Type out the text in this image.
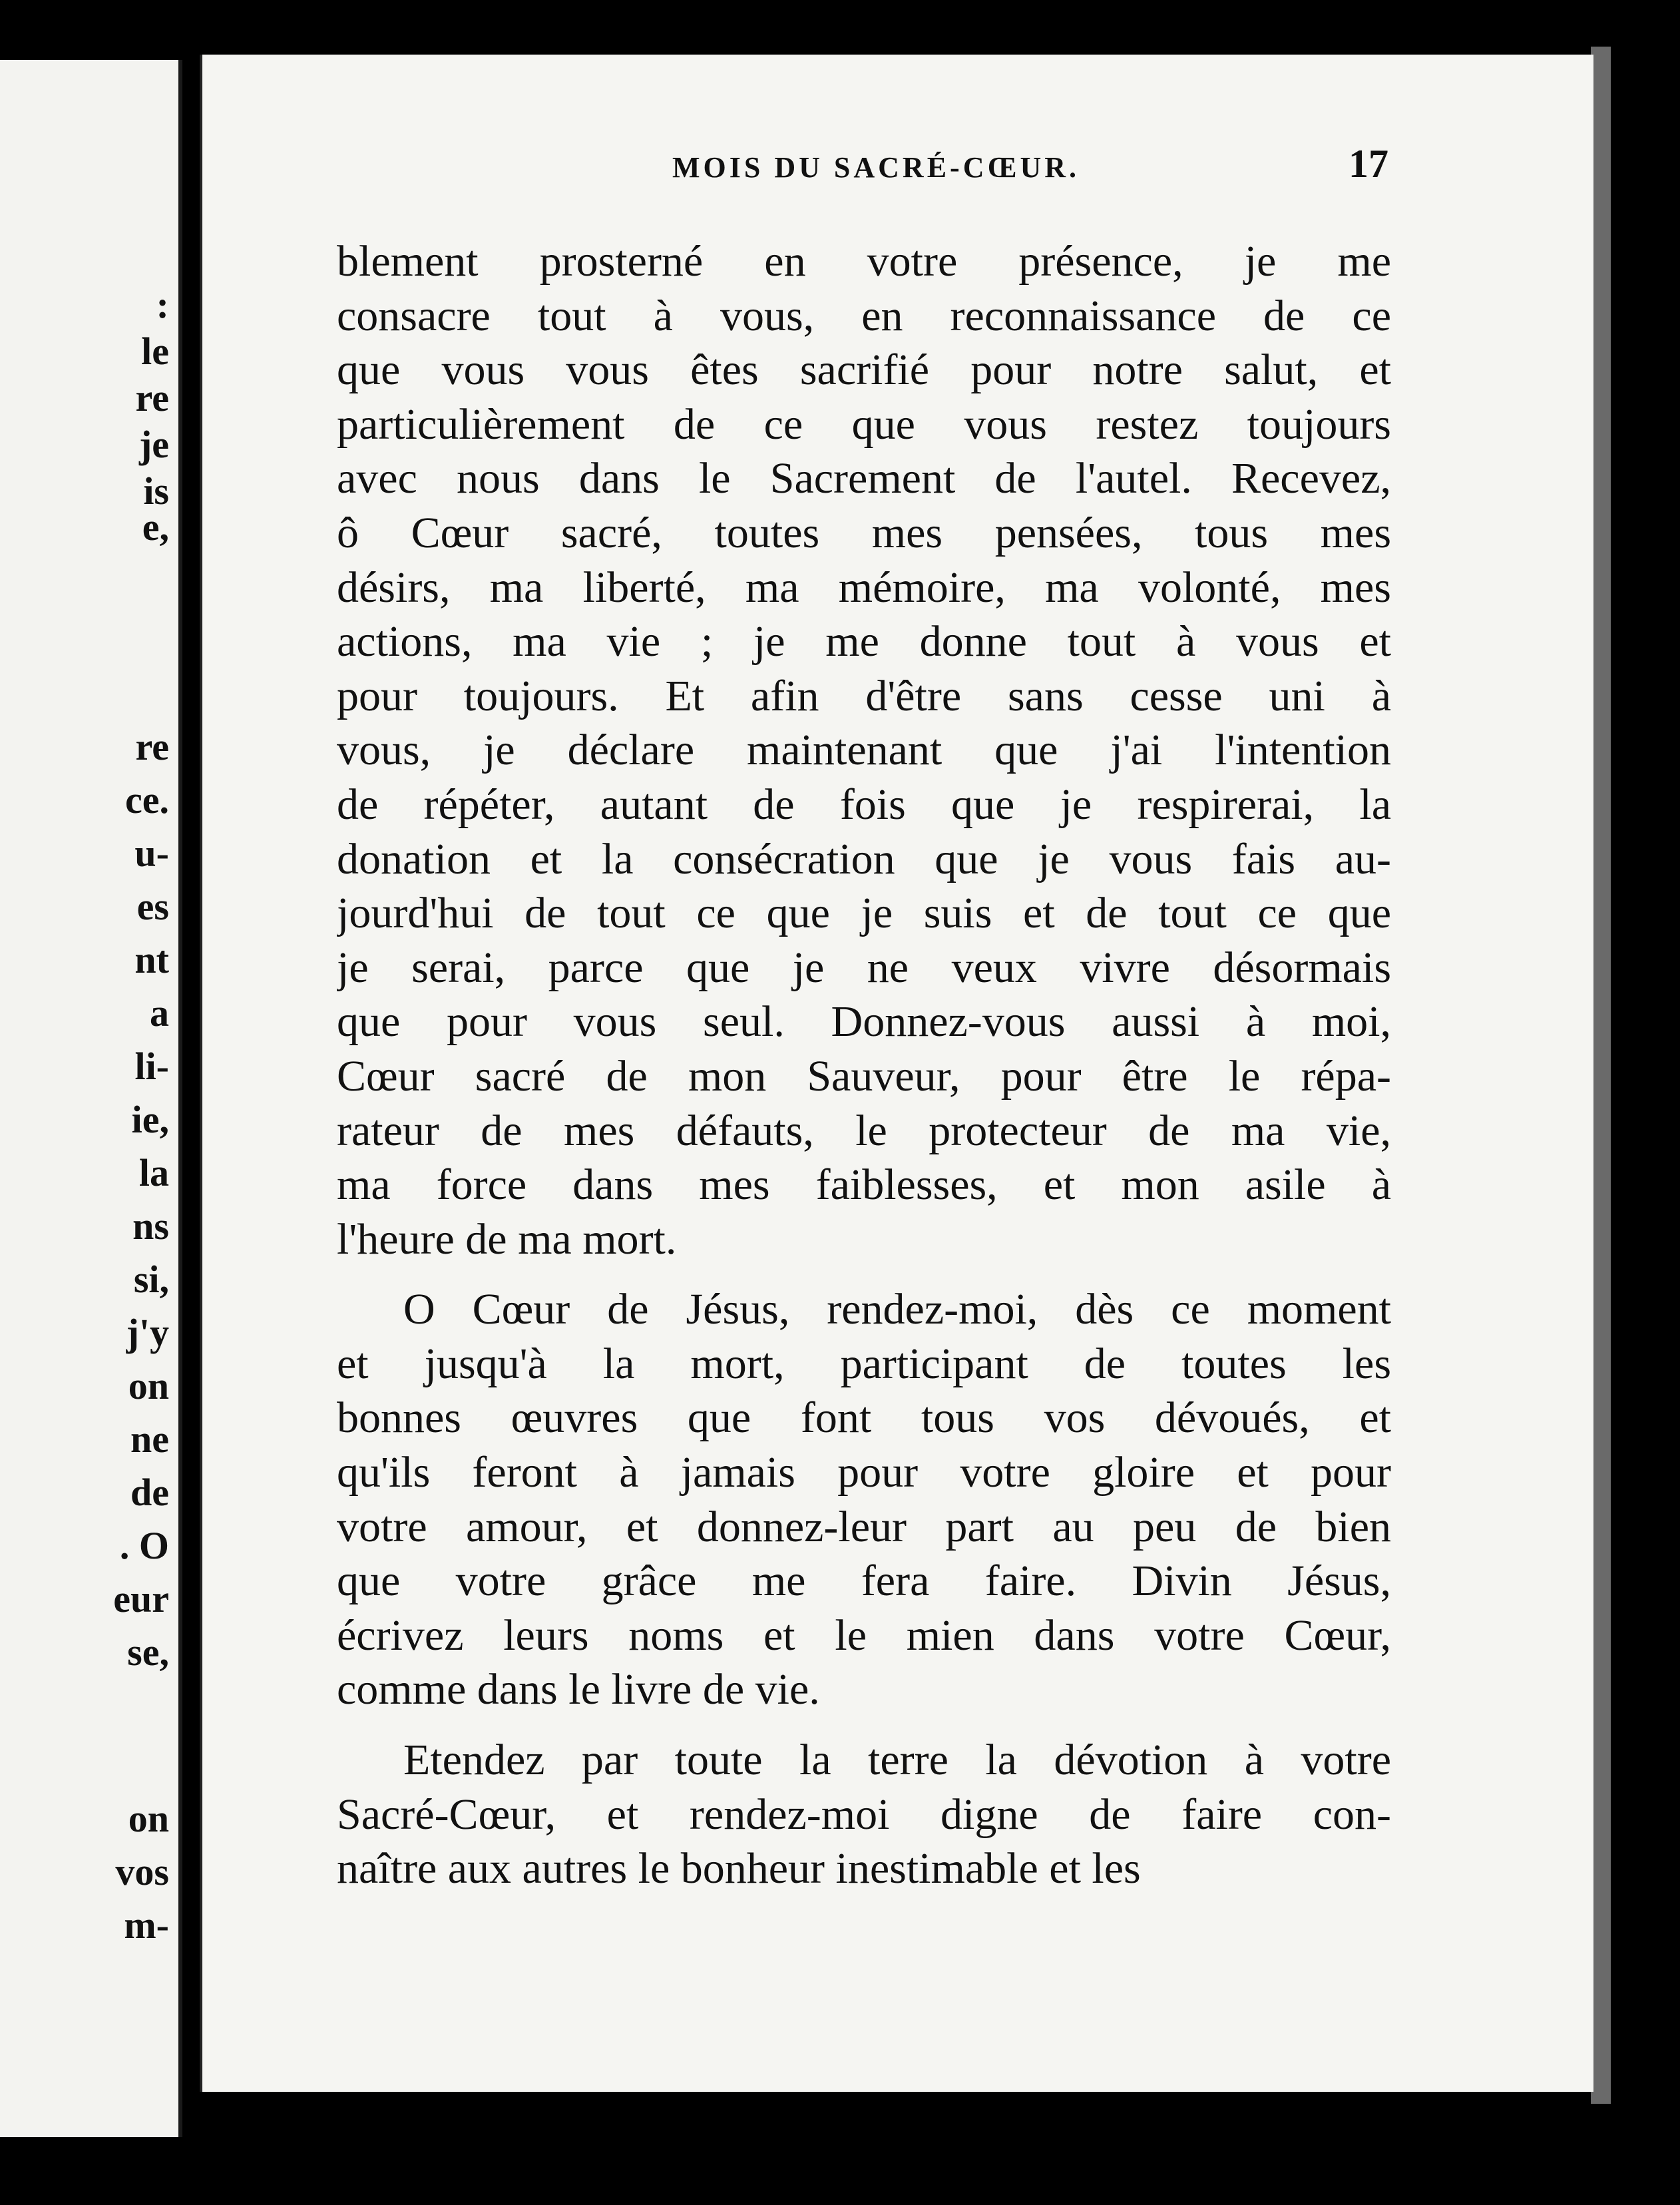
:

le

re

je

is

e,

re

ce.

u-

es

nt

a

li-

ie,

la

ns

si,

j'y

on

ne

de

. O

eur

se,

on

vos

m-

MOIS DU SACRÉ-CŒUR.	17

blement prosterné en votre présence, je me

consacre tout à vous, en reconnaissance de ce

que vous vous êtes sacrifié pour notre salut, et

particulièrement de ce que vous restez toujours

avec nous dans le Sacrement de l'autel. Recevez,

ô Cœur sacré, toutes mes pensées, tous mes

désirs, ma liberté, ma mémoire, ma volonté, mes

actions, ma vie ; je me donne tout à vous et

pour toujours. Et afin d'être sans cesse uni à

vous, je déclare maintenant que j'ai l'intention

de répéter, autant de fois que je respirerai, la

donation et la consécration que je vous fais au-

jourd'hui de tout ce que je suis et de tout ce que

je serai, parce que je ne veux vivre désormais

que pour vous seul. Donnez-vous aussi à moi,

Cœur sacré de mon Sauveur, pour être le répa-

rateur de mes défauts, le protecteur de ma vie,

ma force dans mes faiblesses, et mon asile à

l'heure de ma mort.

O Cœur de Jésus, rendez-moi, dès ce moment

et jusqu'à la mort, participant de toutes les

bonnes œuvres que font tous vos dévoués, et

qu'ils feront à jamais pour votre gloire et pour

votre amour, et donnez-leur part au peu de bien

que votre grâce me fera faire. Divin Jésus,

écrivez leurs noms et le mien dans votre Cœur,

comme dans le livre de vie.

Etendez par toute la terre la dévotion à votre

Sacré-Cœur, et rendez-moi digne de faire con-

naître aux autres le bonheur inestimable et les
